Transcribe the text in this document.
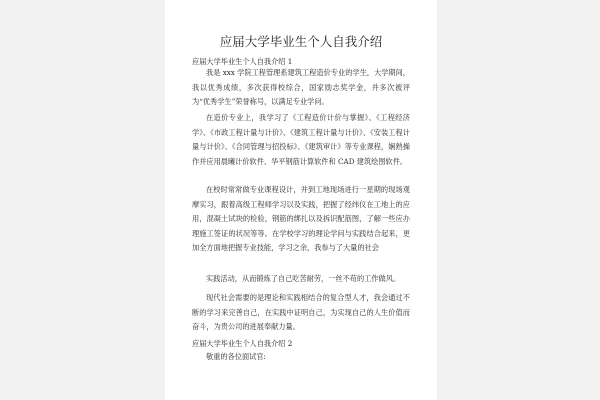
应届大学毕业生个人自我介绍
应届大学毕业生个人自我介绍 1
我是 xxx 学院工程管理系建筑工程造价专业的学生，大学期间，我以优秀成绩，多次获得校综合，国家励志奖学金，并多次被评为“优秀学生”荣誉称号，以满足专业学问。
在造价专业上，我学习了《工程造价计价与掌握》、《工程经济学》、《市政工程计量与计价》、《建筑工程计量与计价》、《安装工程计量与计价》、《合同管理与招投标》、《建筑审计》等专业课程，娴熟操作并应用晨曦计价软件、华平钢筋计算软件和 CAD 建筑绘图软件。
在校时常常做专业课程设计，并到工地现场进行一星期的现场观摩实习，跟着高级工程师学习以及实践，把握了经纬仪在工地上的应用，混凝土试块的检验，钢筋的绑扎以及拆识配筋图，了解一些应办理施工签证的状况等等。在学校学习的理论学问与实践结合起来，更加全方面地把握专业技能，学习之余，我参与了大量的社会
实践活动，从而锻炼了自己吃苦耐劳，一丝不苟的工作做风。
现代社会需要的是理论和实践相结合的复合型人才，我会通过不断的学习来完善自己，在实践中证明自己，为实现自己的人生价值而奋斗，为贵公司的进展奉献力量。
应届大学毕业生个人自我介绍 2
敬重的各位面试官:
